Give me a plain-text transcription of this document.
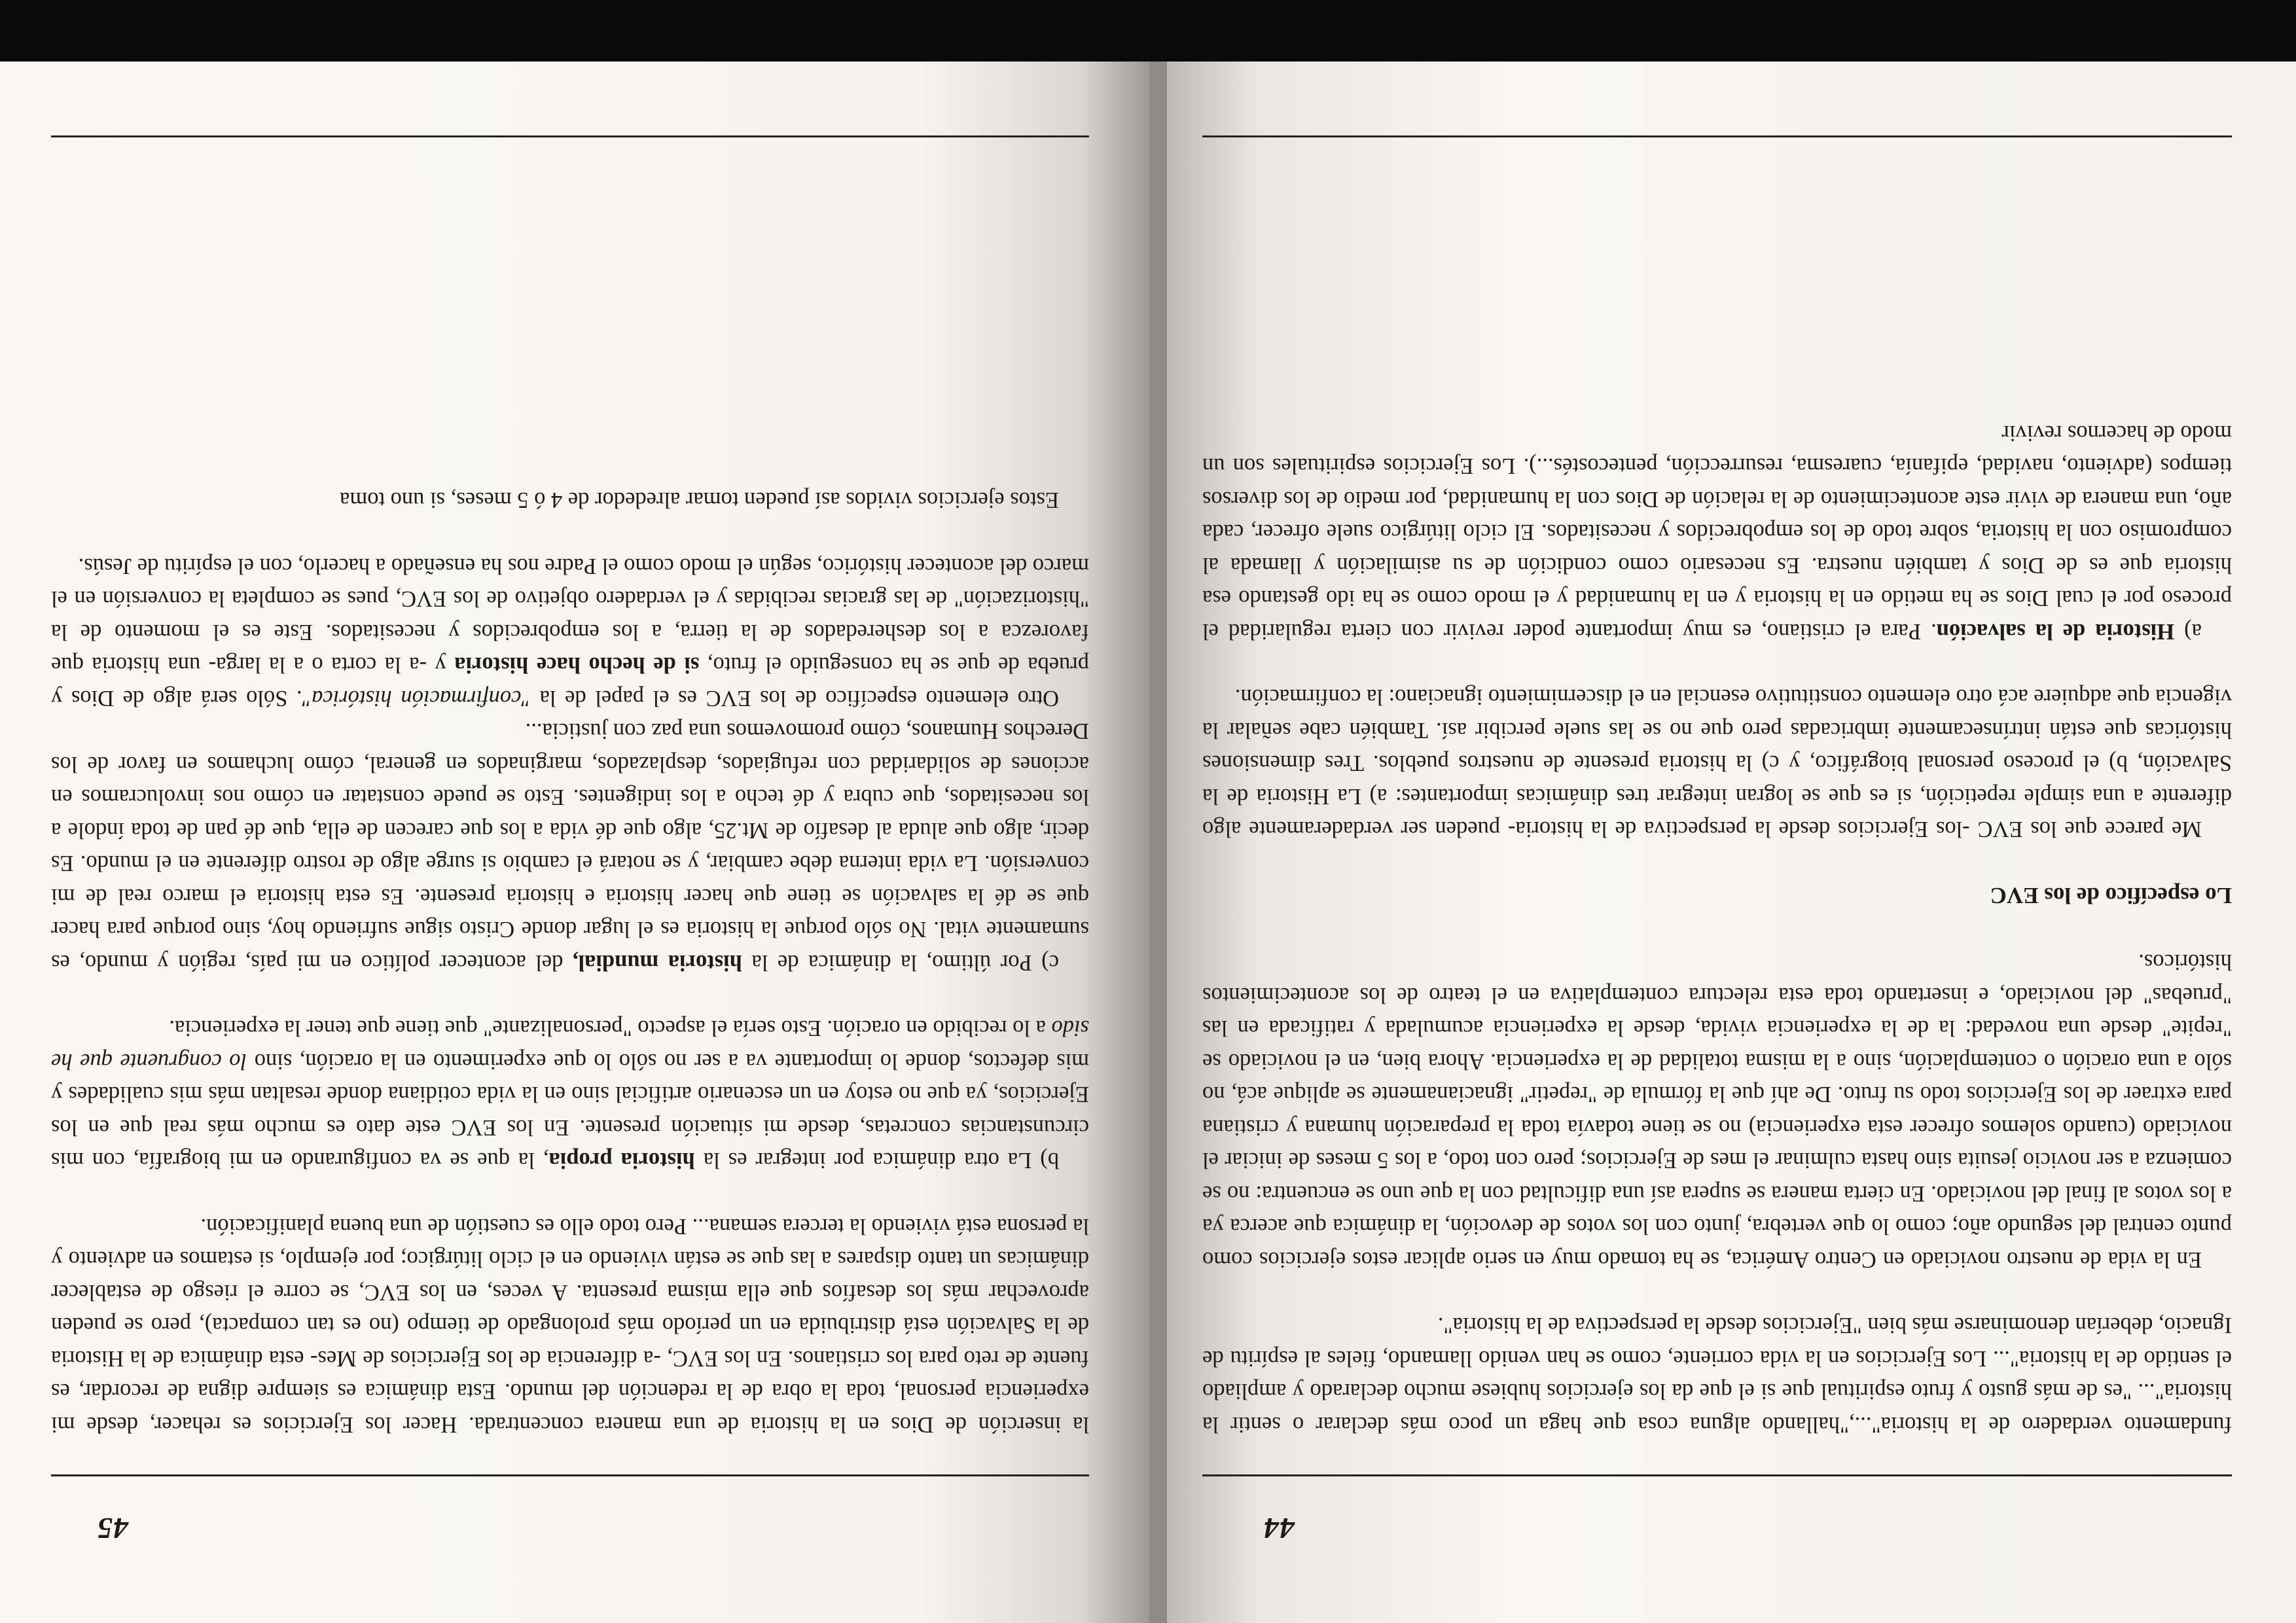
44

fundamento verdadero de la historia"...,"hallando alguna cosa que haga un poco más declarar o sentir la historia"... "es de más gusto y fruto espiritual que si el que da los ejercicios hubiese mucho declarado y ampliado el sentido de la historia"... Los Ejercicios en la vida corriente, como se han venido llamando, fieles al espíritu de Ignacio, deberían denominarse más bien "Ejercicios desde la perspectiva de la historia".

En la vida de nuestro noviciado en Centro América, se ha tomado muy en serio aplicar estos ejercicios como punto central del segundo año; como lo que vertebra, junto con los votos de devoción, la dinámica que acerca ya a los votos al final del noviciado. En cierta manera se supera así una dificultad con la que uno se encuentra: no se comienza a ser novicio jesuita sino hasta culminar el mes de Ejercicios; pero con todo, a los 5 meses de iniciar el noviciado (cuando solemos ofrecer esta experiencia) no se tiene todavía toda la preparación humana y cristiana para extraer de los Ejercicios todo su fruto. De ahí que la fórmula de "repetir" ignacianamente se aplique acá, no sólo a una oración o contemplación, sino a la misma totalidad de la experiencia. Ahora bien, en el noviciado se "repite" desde una novedad: la de la experiencia vivida, desde la experiencia acumulada y ratificada en las "pruebas" del noviciado, e insertando toda esta relectura contemplativa en el teatro de los acontecimientos históricos.

Lo específico de los EVC

Me parece que los EVC -los Ejercicios desde la perspectiva de la historia- pueden ser verdaderamente algo diferente a una simple repetición, si es que se logran integrar tres dinámicas importantes: a) La Historia de la Salvación, b) el proceso personal biográfico, y c) la historia presente de nuestros pueblos. Tres dimensiones históricas que están intrínsecamente imbricadas pero que no se las suele percibir así. También cabe señalar la vigencia que adquiere acá otro elemento constitutivo esencial en el discernimiento ignaciano: la confirmación.

a) Historia de la salvación. Para el cristiano, es muy importante poder revivir con cierta regularidad el proceso por el cual Dios se ha metido en la historia y en la humanidad y el modo como se ha ido gestando esa historia que es de Dios y también nuestra. Es necesario como condición de su asimilación y llamada al compromiso con la historia, sobre todo de los empobrecidos y necesitados. El ciclo litúrgico suele ofrecer, cada año, una manera de vivir este acontecimiento de la relación de Dios con la humanidad, por medio de los diversos tiempos (adviento, navidad, epifanía, cuaresma, resurrección, pentecostés...). Los Ejercicios espirituales son un modo de hacernos revivir

45

la inserción de Dios en la historia de una manera concentrada. Hacer los Ejercicios es rehacer, desde mi experiencia personal, toda la obra de la redención del mundo. Esta dinámica es siempre digna de recordar, es fuente de reto para los cristianos. En los EVC, -a diferencia de los Ejercicios de Mes- esta dinámica de la Historia de la Salvación está distribuida en un período más prolongado de tiempo (no es tan compacta), pero se pueden aprovechar más los desafíos que ella misma presenta. A veces, en los EVC, se corre el riesgo de establecer dinámicas un tanto dispares a las que se están viviendo en el ciclo litúrgico; por ejemplo, si estamos en adviento y la persona está viviendo la tercera semana... Pero todo ello es cuestión de una buena planificación.

b) La otra dinámica por integrar es la historia propia, la que se va configurando en mi biografía, con mis circunstancias concretas, desde mi situación presente. En los EVC este dato es mucho más real que en los Ejercicios, ya que no estoy en un escenario artificial sino en la vida cotidiana donde resaltan más mis cualidades y mis defectos, donde lo importante va a ser no sólo lo que experimento en la oración, sino lo congruente que he sido a lo recibido en oración. Esto sería el aspecto "personalizante" que tiene que tener la experiencia.

c) Por último, la dinámica de la historia mundial, del acontecer político en mi país, región y mundo, es sumamente vital. No sólo porque la historia es el lugar donde Cristo sigue sufriendo hoy, sino porque para hacer que se dé la salvación se tiene que hacer historia e historia presente. Es esta historia el marco real de mi conversión. La vida interna debe cambiar, y se notará el cambio si surge algo de rostro diferente en el mundo. Es decir, algo que aluda al desafío de Mt.25, algo que dé vida a los que carecen de ella, que dé pan de toda índole a los necesitados, que cubra y dé techo a los indigentes. Esto se puede constatar en cómo nos involucramos en acciones de solidaridad con refugiados, desplazados, marginados en general, cómo luchamos en favor de los Derechos Humanos, cómo promovemos una paz con justicia...

Otro elemento específico de los EVC es el papel de la "confirmación histórica". Sólo será algo de Dios y prueba de que se ha conseguido el fruto, si de hecho hace historia y -a la corta o a la larga- una historia que favorezca a los desheredados de la tierra, a los empobrecidos y necesitados. Este es el momento de la "historización" de las gracias recibidas y el verdadero objetivo de los EVC, pues se completa la conversión en el marco del acontecer histórico, según el modo como el Padre nos ha enseñado a hacerlo, con el espíritu de Jesús.

Estos ejercicios vividos así pueden tomar alrededor de 4 ó 5 meses, si uno toma
